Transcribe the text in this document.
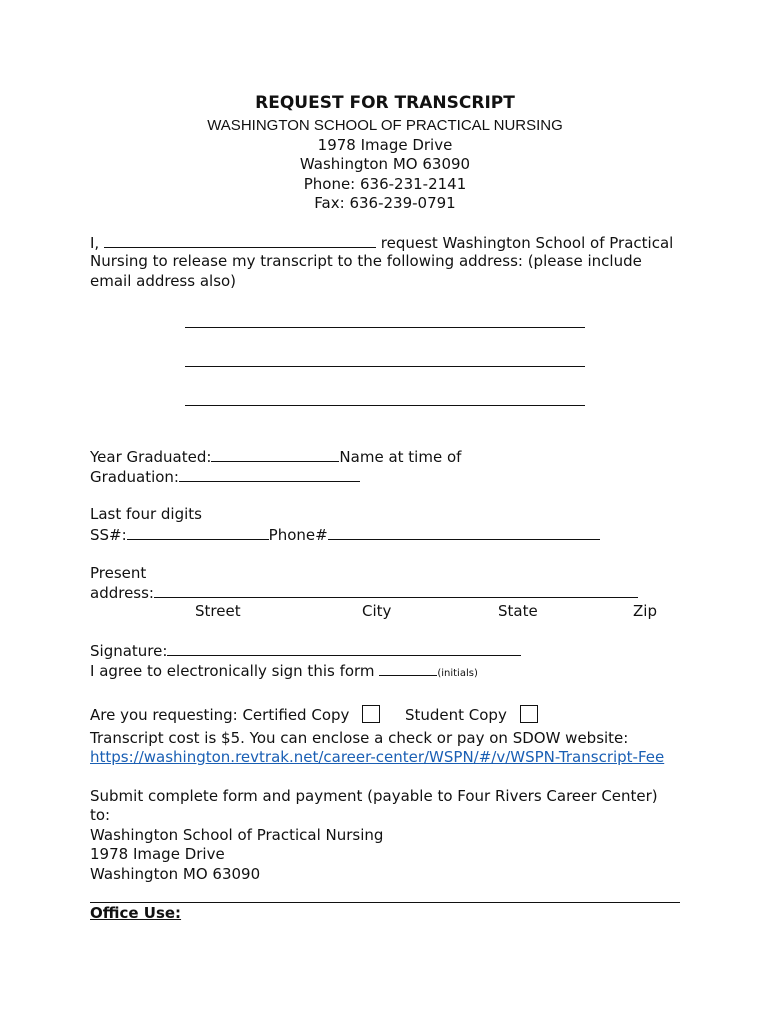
REQUEST FOR TRANSCRIPT
WASHINGTON SCHOOL OF PRACTICAL NURSING
1978 Image Drive
Washington MO 63090
Phone: 636-231-2141
Fax: 636-239-0791
I,	request Washington School of Practical
Nursing to release my transcript to the following address: (please include
email address also)
Year Graduated:	Name at time of
Graduation:
Last four digits
SS#:	Phone#
Present
address:
Street	City	State	Zip
Signature:
I agree to electronically sign this form	(initials)
Are you requesting: Certified Copy	Student Copy
Transcript cost is $5. You can enclose a check or pay on SDOW website:
https://washington.revtrak.net/career-center/WSPN/#/v/WSPN-Transcript-Fee
Submit complete form and payment (payable to Four Rivers Career Center)
to:
Washington School of Practical Nursing
1978 Image Drive
Washington MO 63090
Office Use:
